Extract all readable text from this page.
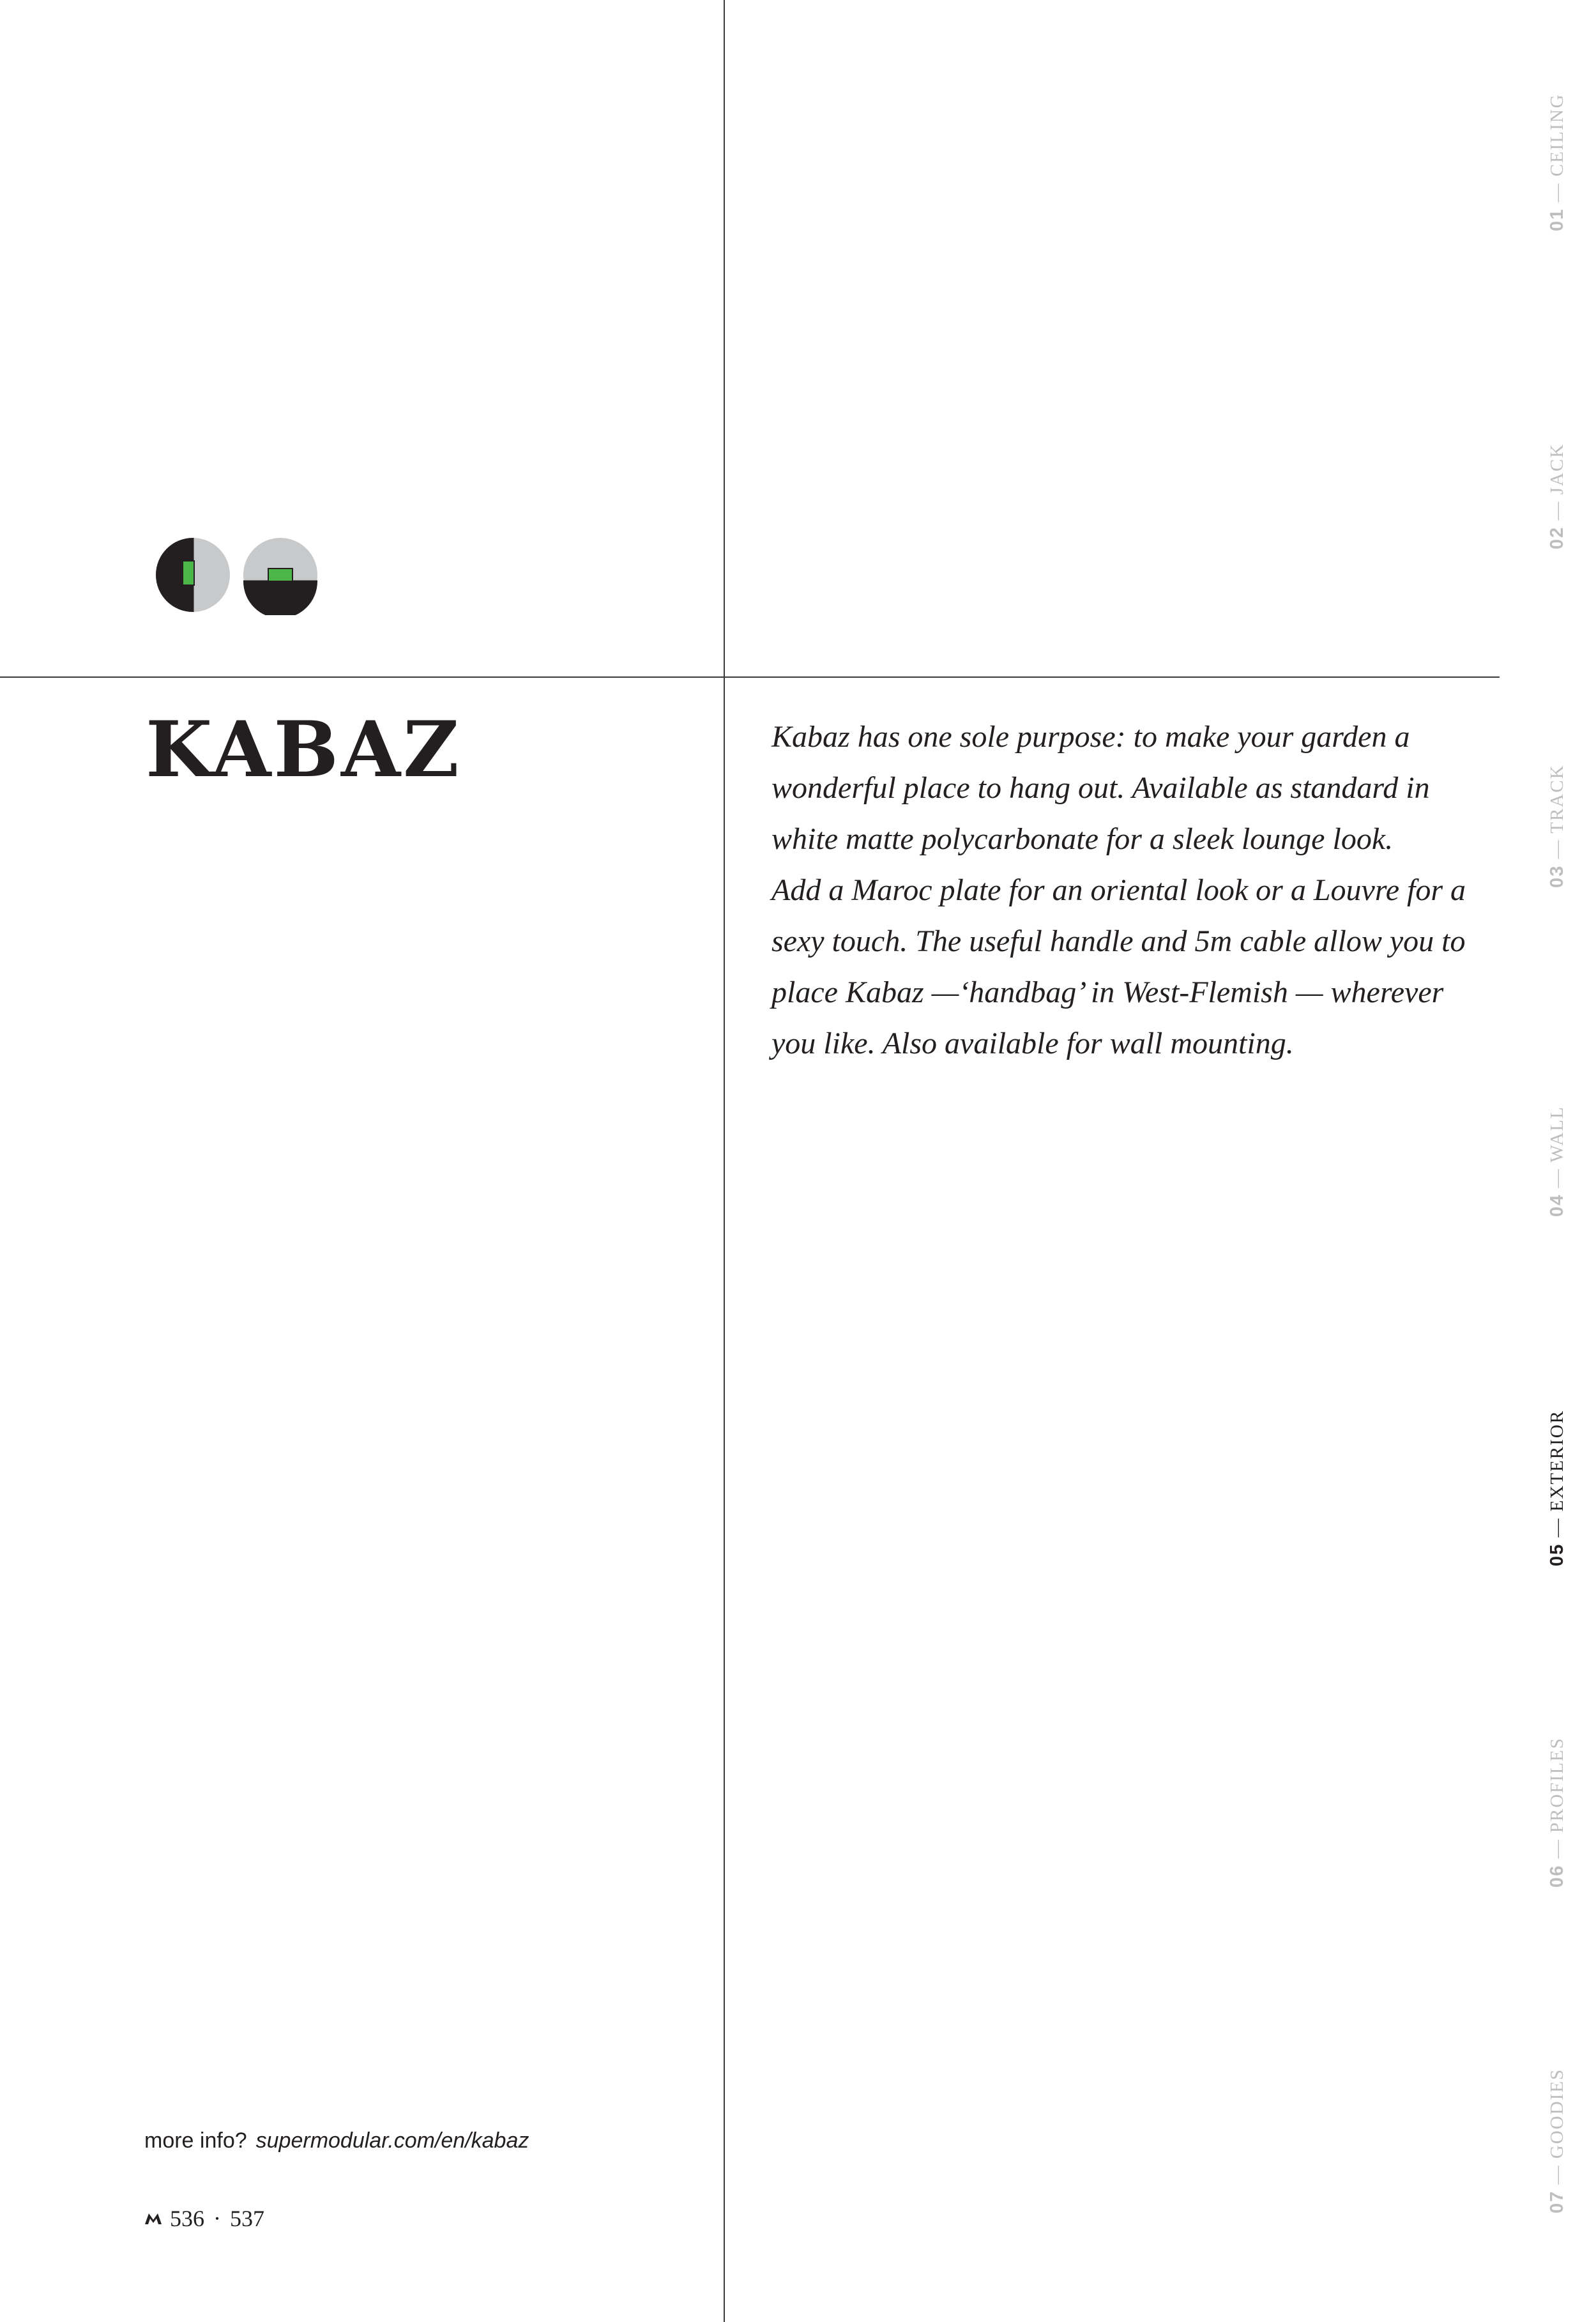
KABAZ	Kabaz has one sole purpose: to make your garden a
wonderful place to hang out. Available as standard in
white matte polycarbonate for a sleek lounge look.
Add a Maroc plate for an oriental look or a Louvre for a
sexy touch. The useful handle and 5m cable allow you to
place Kabaz —‘handbag’ in West-Flemish — wherever
you like. Also available for wall mounting.
more info? supermodular.com/en/kabaz
536 · 537
01 — CEILING
02 — JACK
03 — TRACK
04 — WALL
05 — EXTERIOR
06 — PROFILES
07 — GOODIES
